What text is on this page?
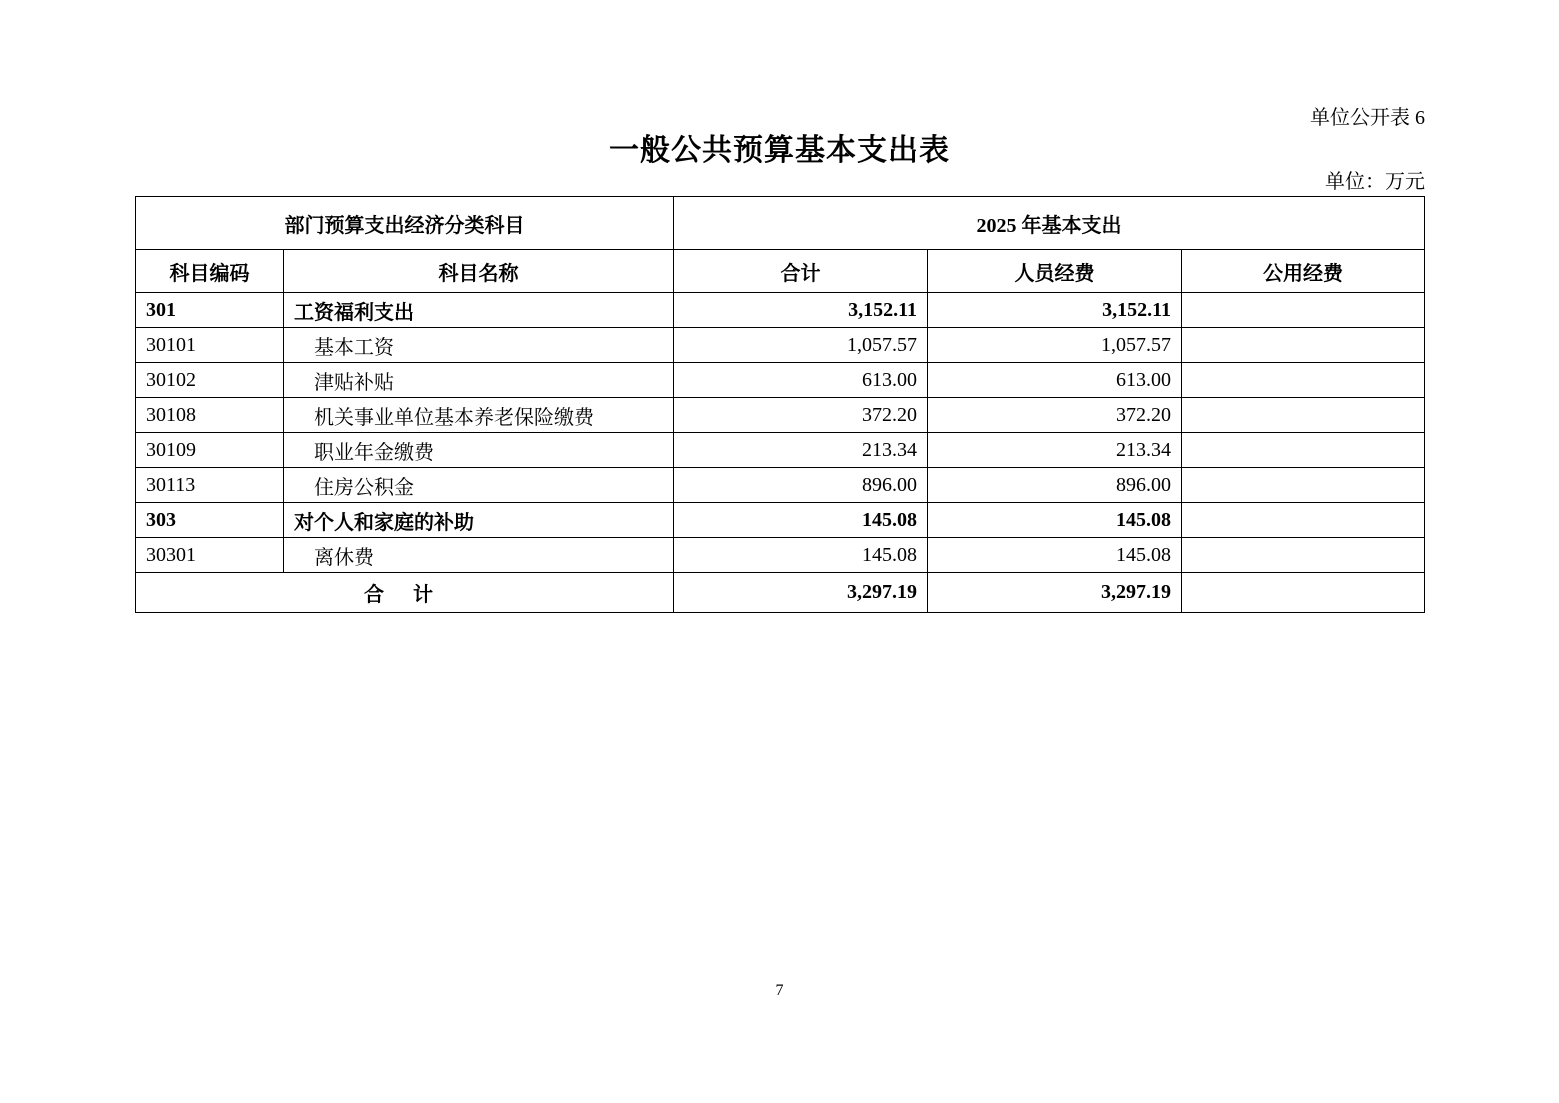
单位公开表 6
一般公共预算基本支出表
单位：万元
部门预算支出经济分类科目		2025 年基本支出		
科目编码	科目名称	合计	人员经费	公用经费
301	工资福利支出	3,152.11	3,152.11	
30101	基本工资	1,057.57	1,057.57	
30102	津贴补贴	613.00	613.00	
30108	机关事业单位基本养老保险缴费	372.20	372.20	
30109	职业年金缴费	213.34	213.34	
30113	住房公积金	896.00	896.00	
303	对个人和家庭的补助	145.08	145.08	
30301	离休费	145.08	145.08	
合 计		3,297.19	3,297.19	
7
